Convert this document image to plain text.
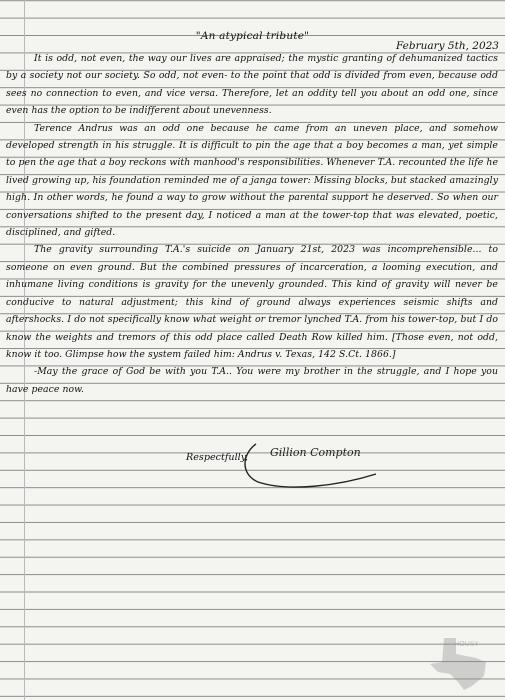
"An atypical tribute"
February 5th, 2023

It is odd, not even, the way our lives are appraised; the mystic granting of dehumanized tactics by a society not our society. So odd, not even- to the point that odd is divided from even, because odd sees no connection to even, and vice versa. Therefore, let an oddity tell you about an odd one, since even has the option to be indifferent about unevenness.

Terence Andrus was an odd one because he came from an uneven place, and somehow developed strength in his struggle. It is difficult to pin the age that a boy becomes a man, yet simple to pen the age that a boy reckons with manhood's responsibilities. Whenever T.A. recounted the life he lived growing up, his foundation reminded me of a janga tower: Missing blocks, but stacked amazingly high. In other words, he found a way to grow without the parental support he deserved. So when our conversations shifted to the present day, I noticed a man at the tower-top that was elevated, poetic, disciplined, and gifted.

The gravity surrounding T.A.'s suicide on January 21st, 2023 was incomprehensible... to someone on even ground. But the combined pressures of incarceration, a looming execution, and inhumane living conditions is gravity for the unevenly grounded. This kind of gravity will never be conducive to natural adjustment; this kind of ground always experiences seismic shifts and aftershocks. I do not specifically know what weight or tremor lynched T.A. from his tower-top, but I do know the weights and tremors of this odd place called Death Row killed him. [Those even, not odd, know it too. Glimpse how the system failed him: Andrus v. Texas, 142 S.Ct. 1866.]

-May the grace of God be with you T.A.. You were my brother in the struggle, and I hope you have peace now.

Respectfully, Gillion Compton
HOUSY
